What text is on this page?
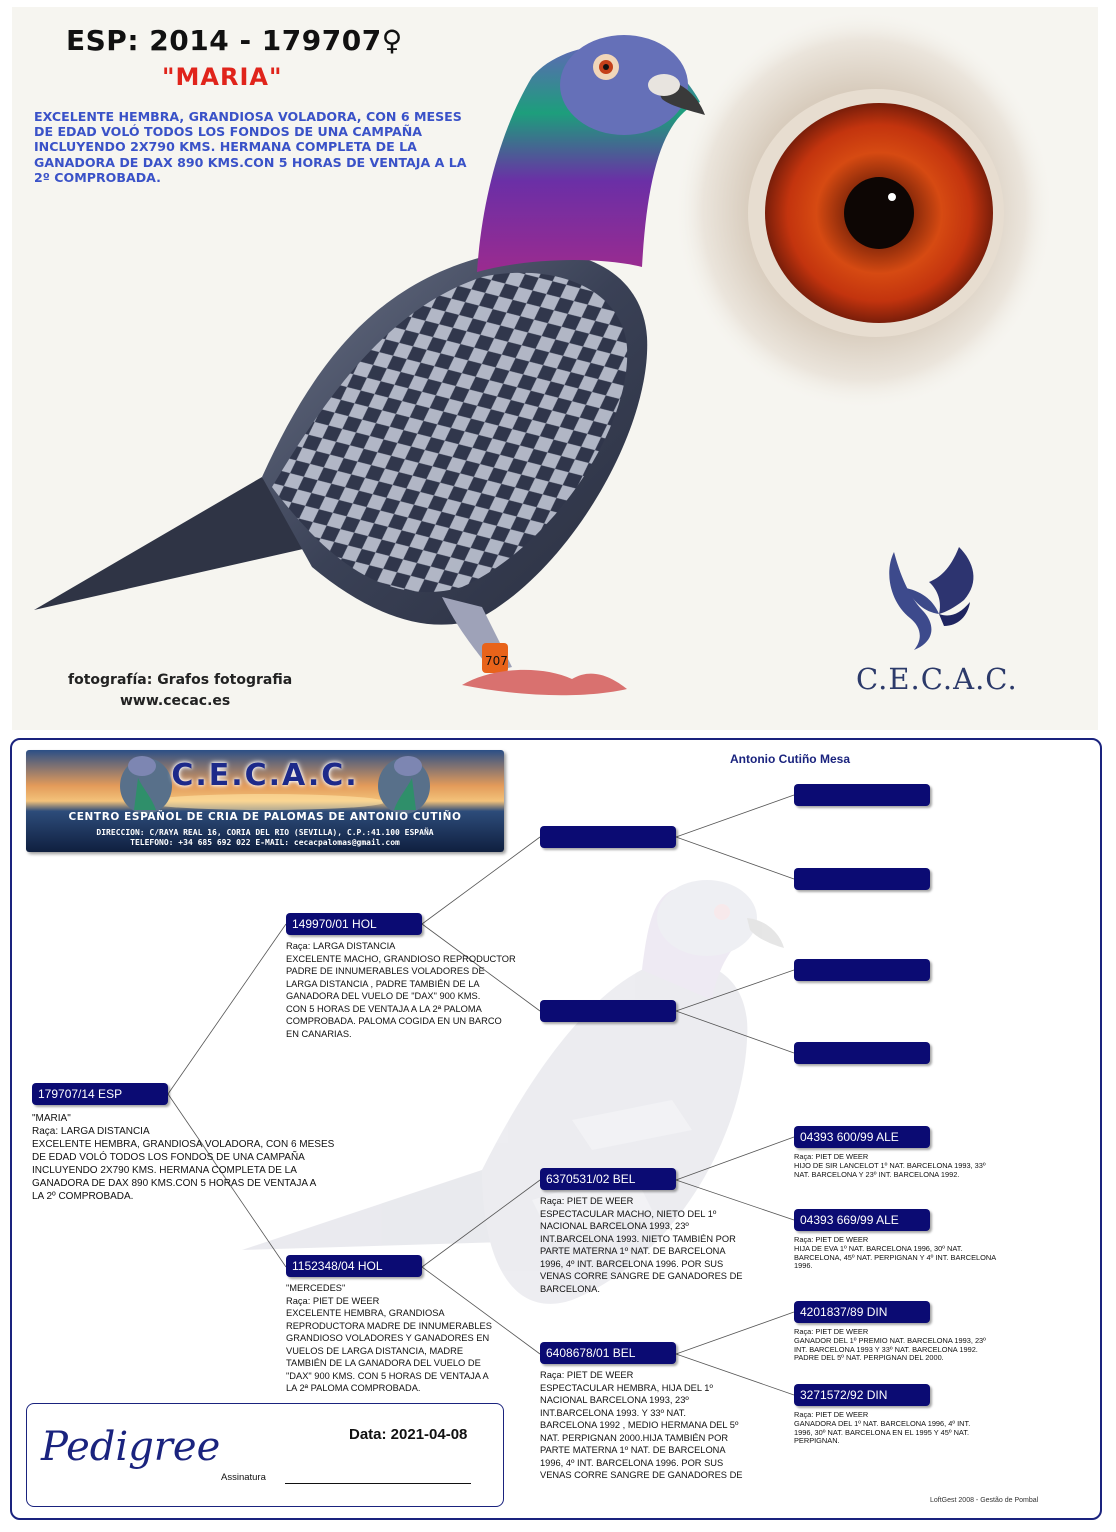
707
ESP: 2014 - 179707♀
"MARIA"
EXCELENTE HEMBRA, GRANDIOSA VOLADORA, CON 6 MESES DE EDAD VOLÓ TODOS LOS FONDOS DE UNA CAMPAÑA INCLUYENDO 2X790 KMS. HERMANA COMPLETA DE LA GANADORA DE DAX 890 KMS.CON 5 HORAS DE VENTAJA A LA 2º COMPROBADA.
fotografía: Grafos fotografia
www.cecac.es
C.E.C.A.C.
C.E.C.A.C.
CENTRO ESPAÑOL DE CRIA DE PALOMAS DE ANTONIO CUTIÑO
DIRECCION: C/RAYA REAL 16, CORIA DEL RIO (SEVILLA), C.P.:41.100 ESPAÑA
TELEFONO: +34 685 692 022 E-MAIL: cecacpalomas@gmail.com
Antonio Cutiño Mesa
179707/14 ESP
"MARIA"
Raça: LARGA DISTANCIA
EXCELENTE HEMBRA, GRANDIOSA VOLADORA, CON 6 MESES
DE EDAD VOLÓ TODOS LOS FONDOS DE UNA CAMPAÑA
INCLUYENDO 2X790 KMS. HERMANA COMPLETA DE LA
GANADORA DE DAX 890 KMS.CON 5 HORAS DE VENTAJA A
LA 2º COMPROBADA.
149970/01 HOL
Raça: LARGA DISTANCIA
EXCELENTE MACHO, GRANDIOSO REPRODUCTOR
PADRE DE INNUMERABLES VOLADORES DE
LARGA DISTANCIA , PADRE TAMBIÉN DE LA
GANADORA DEL VUELO DE "DAX" 900 KMS.
CON 5 HORAS DE VENTAJA A LA 2ª PALOMA
COMPROBADA. PALOMA COGIDA EN UN BARCO
EN CANARIAS.
1152348/04 HOL
"MERCEDES"
Raça: PIET DE WEER
EXCELENTE HEMBRA, GRANDIOSA
REPRODUCTORA MADRE DE INNUMERABLES
GRANDIOSO VOLADORES Y GANADORES EN
VUELOS DE LARGA DISTANCIA, MADRE
TAMBIÉN DE LA GANADORA DEL VUELO DE
"DAX" 900 KMS. CON 5 HORAS DE VENTAJA A
LA 2ª PALOMA COMPROBADA.
6370531/02 BEL
Raça: PIET DE WEER
ESPECTACULAR MACHO, NIETO DEL 1º
NACIONAL BARCELONA 1993, 23º
INT.BARCELONA 1993. NIETO TAMBIÉN POR
PARTE MATERNA 1º NAT. DE BARCELONA
1996, 4º INT. BARCELONA 1996. POR SUS
VENAS CORRE SANGRE DE GANADORES DE
BARCELONA.
6408678/01 BEL
Raça: PIET DE WEER
ESPECTACULAR HEMBRA, HIJA DEL 1º
NACIONAL BARCELONA 1993, 23º
INT.BARCELONA 1993. Y 33º NAT.
BARCELONA 1992 , MEDIO HERMANA DEL 5º
NAT. PERPIGNAN 2000.HIJA TAMBIÉN POR
PARTE MATERNA 1º NAT. DE BARCELONA
1996, 4º INT. BARCELONA 1996. POR SUS
VENAS CORRE SANGRE DE GANADORES DE
04393 600/99 ALE
Raça: PIET DE WEER
HIJO DE SIR LANCELOT 1º NAT. BARCELONA 1993, 33º
NAT. BARCELONA Y 23º INT. BARCELONA 1992.
04393 669/99 ALE
Raça: PIET DE WEER
HIJA DE EVA 1º NAT. BARCELONA 1996, 30º NAT.
BARCELONA, 45º NAT. PERPIGNAN Y 4º INT. BARCELONA
1996.
4201837/89 DIN
Raça: PIET DE WEER
GANADOR DEL 1º PREMIO NAT. BARCELONA 1993, 23º
INT. BARCELONA 1993 Y 33º NAT. BARCELONA 1992.
PADRE DEL 5º NAT. PERPIGNAN DEL 2000.
3271572/92 DIN
Raça: PIET DE WEER
GANADORA DEL 1º NAT. BARCELONA 1996, 4º INT.
1996, 30º NAT. BARCELONA EN EL 1995 Y 45º NAT.
PERPIGNAN.
Pedigree	Data: 2021-04-08
Assinatura
LoftGest 2008 - Gestão de Pombal
